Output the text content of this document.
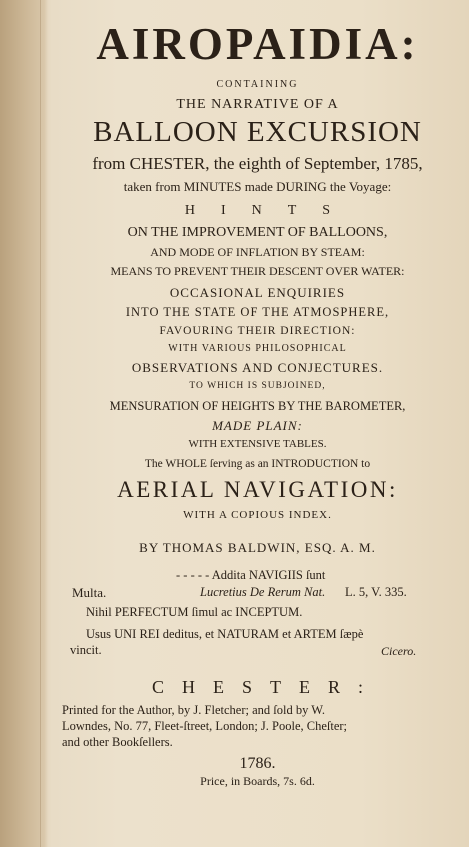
AIROPAIDIA:
CONTAINING
THE NARRATIVE OF A
BALLOON EXCURSION
from CHESTER, the eighth of September, 1785,
taken from MINUTES made DURING the Voyage:
HINTS
ON THE IMPROVEMENT OF BALLOONS,
AND MODE OF INFLATION BY STEAM:
MEANS TO PREVENT THEIR DESCENT OVER WATER:
OCCASIONAL ENQUIRIES
INTO THE STATE OF THE ATMOSPHERE,
FAVOURING THEIR DIRECTION:
WITH VARIOUS PHILOSOPHICAL
OBSERVATIONS AND CONJECTURES.
TO WHICH IS SUBJOINED,
MENSURATION OF HEIGHTS BY THE BAROMETER,
MADE PLAIN:
WITH EXTENSIVE TABLES.
The WHOLE ſerving as an INTRODUCTION to
AERIAL NAVIGATION:
WITH A COPIOUS INDEX.
BY THOMAS BALDWIN, ESQ. A. M.
- - - - - Addita NAVIGIIS ſunt
Multa.	Lucretius De Rerum Nat. L. 5, V. 335.
Nihil PERFECTUM ſimul ac INCEPTUM.
Usus UNI REI deditus, et NATURAM et ARTEM ſæpè
vincit.	Cicero.
CHESTER:
Printed for the Author, by J. Fletcher; and ſold by W.
Lowndes, No. 77, Fleet-ſtreet, London; J. Poole, Cheſter;
and other Bookſellers.
1786.
Price, in Boards, 7s. 6d.
